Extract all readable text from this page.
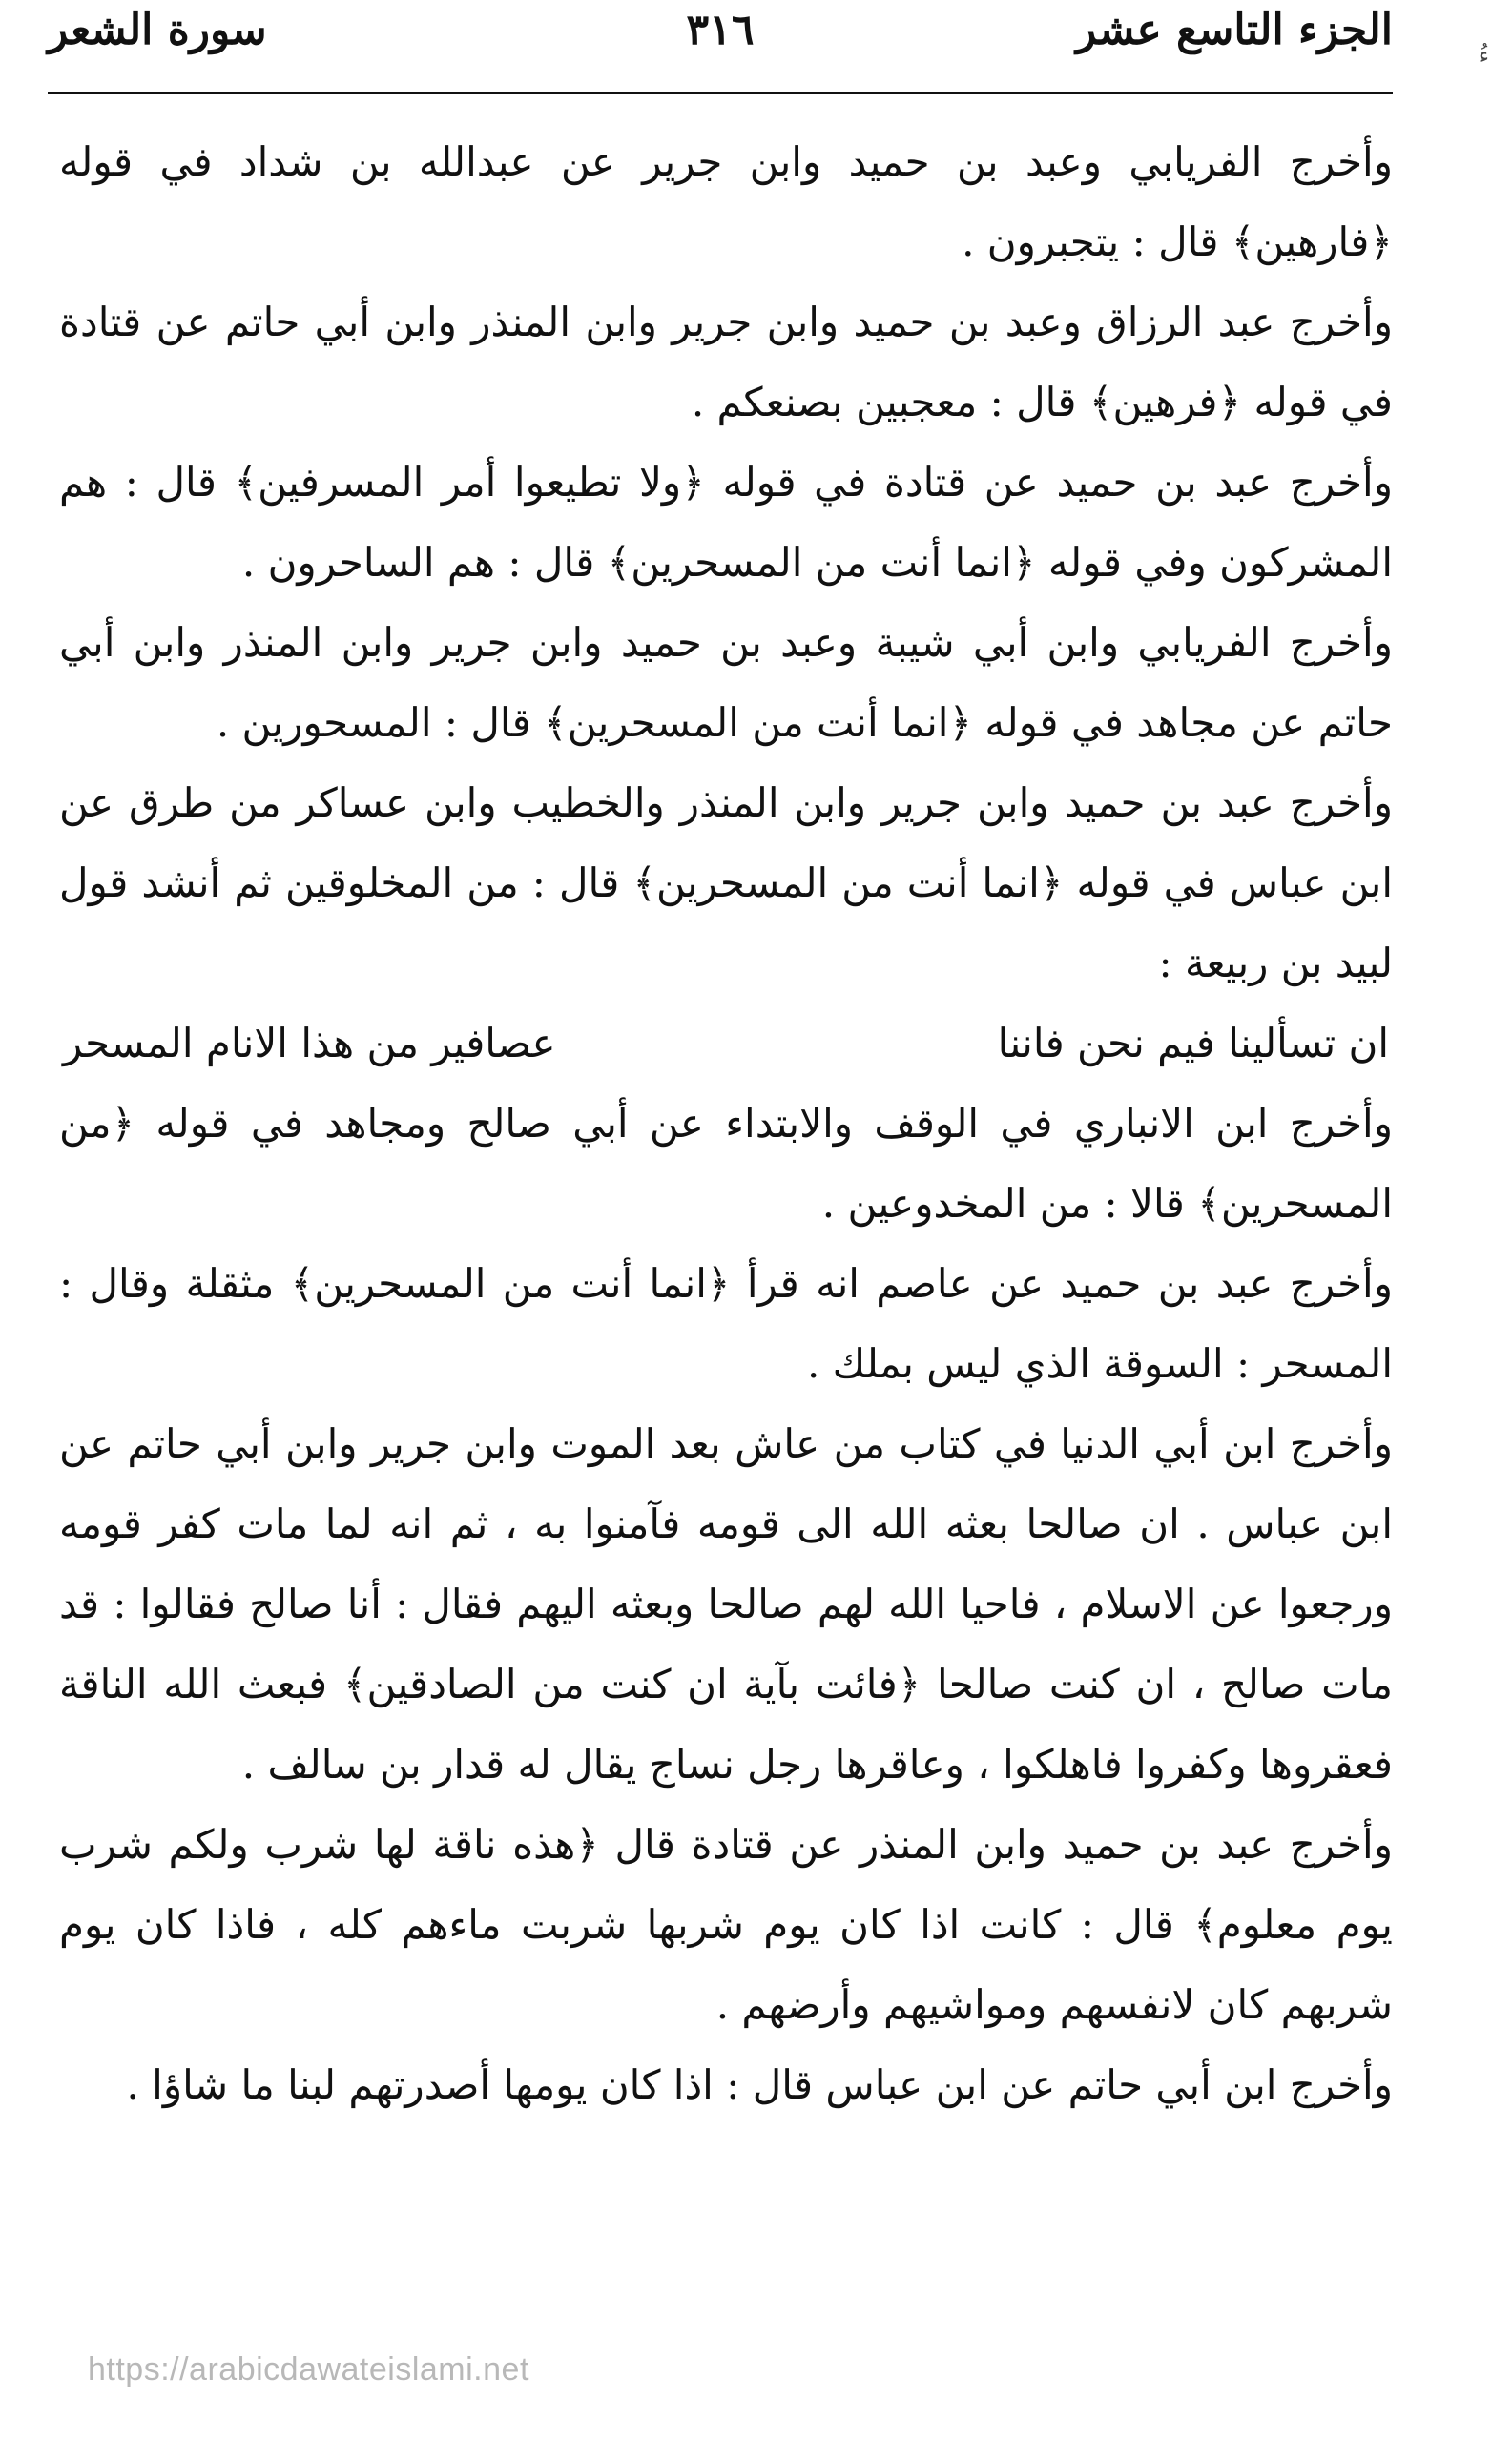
الجزء التاسع عشر
٣١٦
سورة الشعر
ءُ

وأخرج الفريابي وعبد بن حميد وابن جرير عن عبدالله بن شداد في قوله ﴿فارهين﴾ قال : يتجبرون .

وأخرج عبد الرزاق وعبد بن حميد وابن جرير وابن المنذر وابن أبي حاتم عن قتادة في قوله ﴿فرهين﴾ قال : معجبين بصنعكم .

وأخرج عبد بن حميد عن قتادة في قوله ﴿ولا تطيعوا أمر المسرفين﴾ قال : هم المشركون وفي قوله ﴿انما أنت من المسحرين﴾ قال : هم الساحرون .

وأخرج الفريابي وابن أبي شيبة وعبد بن حميد وابن جرير وابن المنذر وابن أبي حاتم عن مجاهد في قوله ﴿انما أنت من المسحرين﴾ قال : المسحورين .

وأخرج عبد بن حميد وابن جرير وابن المنذر والخطيب وابن عساكر من طرق عن ابن عباس في قوله ﴿انما أنت من المسحرين﴾ قال : من المخلوقين ثم أنشد قول لبيد بن ربيعة :

ان تسألينا فيم نحن فاننا
عصافير من هذا الانام المسحر

وأخرج ابن الانباري في الوقف والابتداء عن أبي صالح ومجاهد في قوله ﴿من المسحرين﴾ قالا : من المخدوعين .

وأخرج عبد بن حميد عن عاصم انه قرأ ﴿انما أنت من المسحرين﴾ مثقلة وقال : المسحر : السوقة الذي ليس بملك .

وأخرج ابن أبي الدنيا في كتاب من عاش بعد الموت وابن جرير وابن أبي حاتم عن ابن عباس . ان صالحا بعثه الله الى قومه فآمنوا به ، ثم انه لما مات كفر قومه ورجعوا عن الاسلام ، فاحيا الله لهم صالحا وبعثه اليهم فقال : أنا صالح فقالوا : قد مات صالح ، ان كنت صالحا ﴿فائت بآية ان كنت من الصادقين﴾ فبعث الله الناقة فعقروها وكفروا فاهلكوا ، وعاقرها رجل نساج يقال له قدار بن سالف .

وأخرج عبد بن حميد وابن المنذر عن قتادة قال ﴿هذه ناقة لها شرب ولكم شرب يوم معلوم﴾ قال : كانت اذا كان يوم شربها شربت ماءهم كله ، فاذا كان يوم شربهم كان لانفسهم ومواشيهم وأرضهم .

وأخرج ابن أبي حاتم عن ابن عباس قال : اذا كان يومها أصدرتهم لبنا ما شاؤا .

https://arabicdawateislami.net
